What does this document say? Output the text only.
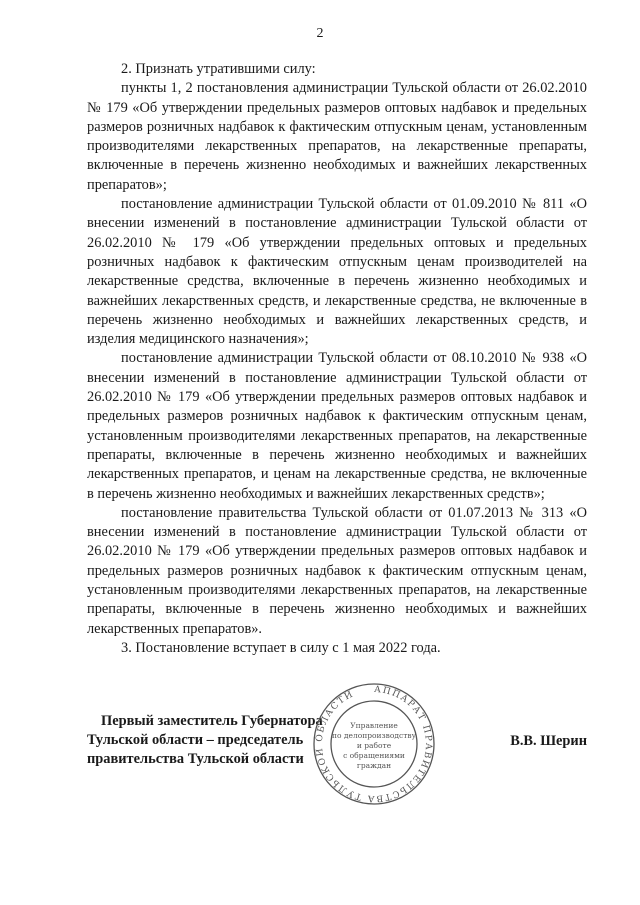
2

2. Признать утратившими силу:

пункты 1, 2 постановления администрации Тульской области от 26.02.2010 № 179 «Об утверждении предельных размеров оптовых надбавок и предельных размеров розничных надбавок к фактическим отпускным ценам, установленным производителями лекарственных препаратов, на лекарственные препараты, включенные в перечень жизненно необходимых и важнейших лекарственных препаратов»;

постановление администрации Тульской области от 01.09.2010 № 811 «О внесении изменений в постановление администрации Тульской области от 26.02.2010 № 179 «Об утверждении предельных оптовых и предельных розничных надбавок к фактическим отпускным ценам производителей на лекарственные средства, включенные в перечень жизненно необходимых и важнейших лекарственных средств, и лекарственные средства, не включенные в перечень жизненно необходимых и важнейших лекарственных средств, и изделия медицинского назначения»;

постановление администрации Тульской области от 08.10.2010 № 938 «О внесении изменений в постановление администрации Тульской области от 26.02.2010 № 179 «Об утверждении предельных размеров оптовых надбавок и предельных размеров розничных надбавок к фактическим отпускным ценам, установленным производителями лекарственных препаратов, на лекарственные препараты, включенные в перечень жизненно необходимых и важнейших лекарственных препаратов, и ценам на лекарственные средства, не включенные в перечень жизненно необходимых и важнейших лекарственных средств»;

постановление правительства Тульской области от 01.07.2013 № 313 «О внесении изменений в постановление администрации Тульской области от 26.02.2010 № 179 «Об утверждении предельных размеров оптовых надбавок и предельных размеров розничных надбавок к фактическим отпускным ценам, установленным производителями лекарственных препаратов, на лекарственные препараты, включенные в перечень жизненно необходимых и важнейших лекарственных препаратов».

3. Постановление вступает в силу с 1 мая 2022 года.

Первый заместитель Губернатора
Тульской области – председатель
правительства Тульской области
В.В. Шерин
АППАРАТ ПРАВИТЕЛЬСТВА ТУЛЬСКОЙ ОБЛАСТИ
Управление
по делопроизводству
и работе
с обращениями
граждан
